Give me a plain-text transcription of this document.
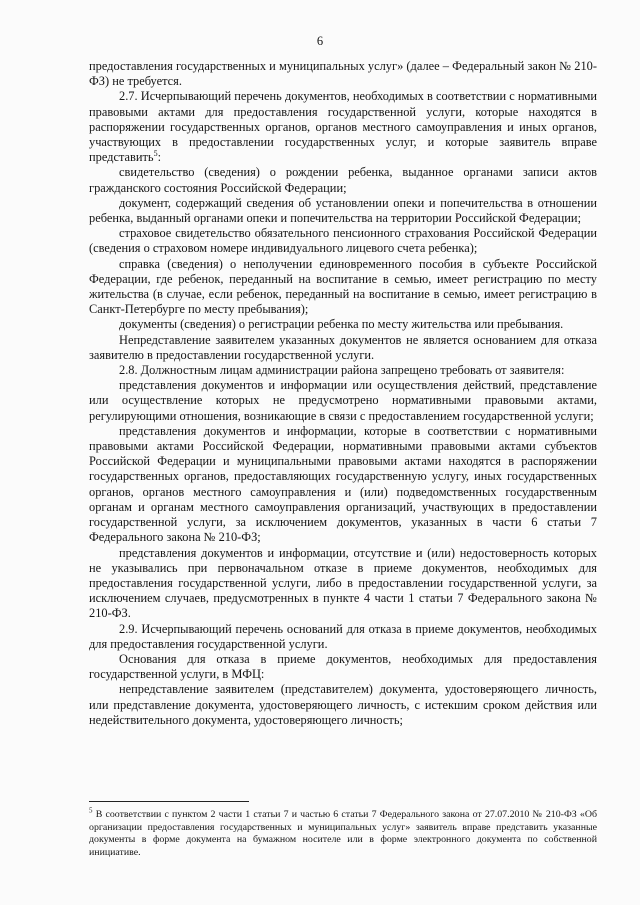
6

предоставления государственных и муниципальных услуг» (далее – Федеральный закон № 210-ФЗ) не требуется.

2.7. Исчерпывающий перечень документов, необходимых в соответствии с нормативными правовыми актами для предоставления государственной услуги, которые находятся в распоряжении государственных органов, органов местного самоуправления и иных органов, участвующих в предоставлении государственных услуг, и которые заявитель вправе представить$^5$:

свидетельство (сведения) о рождении ребенка, выданное органами записи актов гражданского состояния Российской Федерации;

документ, содержащий сведения об установлении опеки и попечительства в отношении ребенка, выданный органами опеки и попечительства на территории Российской Федерации;

страховое свидетельство обязательного пенсионного страхования Российской Федерации (сведения о страховом номере индивидуального лицевого счета ребенка);

справка (сведения) о неполучении единовременного пособия в субъекте Российской Федерации, где ребенок, переданный на воспитание в семью, имеет регистрацию по месту жительства (в случае, если ребенок, переданный на воспитание в семью, имеет регистрацию в Санкт-Петербурге по месту пребывания);

документы (сведения) о регистрации ребенка по месту жительства или пребывания.

Непредставление заявителем указанных документов не является основанием для отказа заявителю в предоставлении государственной услуги.

2.8. Должностным лицам администрации района запрещено требовать от заявителя:

представления документов и информации или осуществления действий, представление или осуществление которых не предусмотрено нормативными правовыми актами, регулирующими отношения, возникающие в связи с предоставлением государственной услуги;

представления документов и информации, которые в соответствии с нормативными правовыми актами Российской Федерации, нормативными правовыми актами субъектов Российской Федерации и муниципальными правовыми актами находятся в распоряжении государственных органов, предоставляющих государственную услугу, иных государственных органов, органов местного самоуправления и (или) подведомственных государственным органам и органам местного самоуправления организаций, участвующих в предоставлении государственной услуги, за исключением документов, указанных в части 6 статьи 7 Федерального закона № 210-ФЗ;

представления документов и информации, отсутствие и (или) недостоверность которых не указывались при первоначальном отказе в приеме документов, необходимых для предоставления государственной услуги, либо в предоставлении государственной услуги, за исключением случаев, предусмотренных в пункте 4 части 1 статьи 7 Федерального закона № 210-ФЗ.

2.9. Исчерпывающий перечень оснований для отказа в приеме документов, необходимых для предоставления государственной услуги.

Основания для отказа в приеме документов, необходимых для предоставления государственной услуги, в МФЦ:

непредставление заявителем (представителем) документа, удостоверяющего личность, или представление документа, удостоверяющего личность, с истекшим сроком действия или недействительного документа, удостоверяющего личность;

$^5$ В соответствии с пунктом 2 части 1 статьи 7 и частью 6 статьи 7 Федерального закона от 27.07.2010 № 210-ФЗ «Об организации предоставления государственных и муниципальных услуг» заявитель вправе представить указанные документы в форме документа на бумажном носителе или в форме электронного документа по собственной инициативе.
